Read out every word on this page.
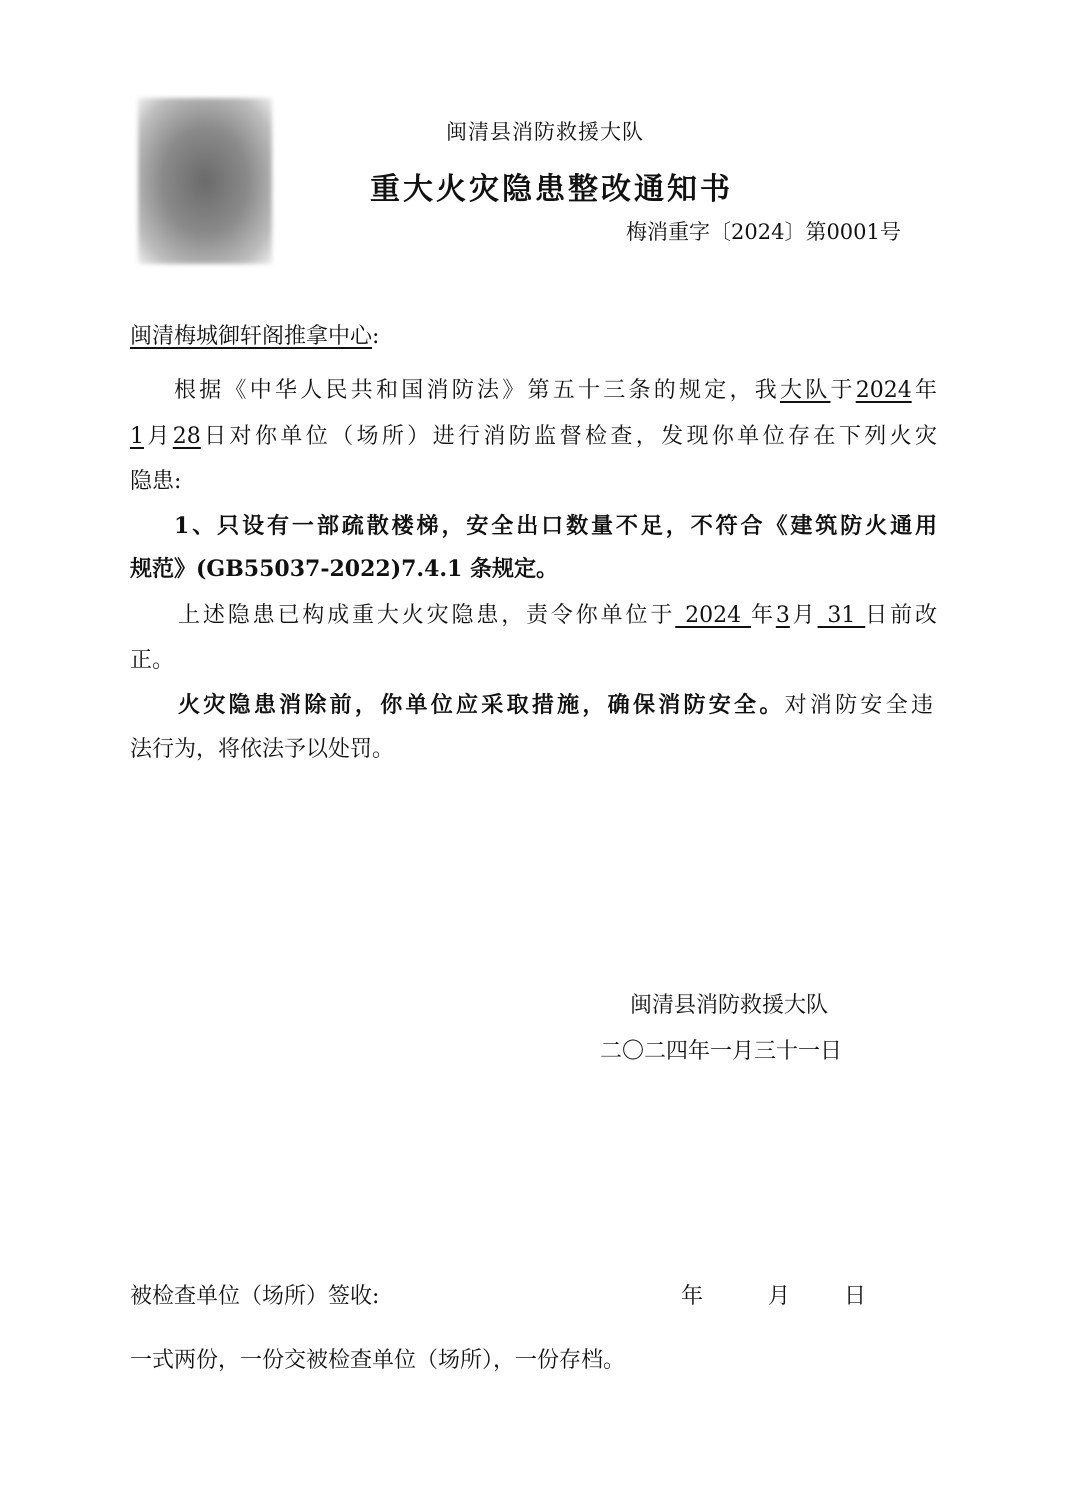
闽清县消防救援大队
重大火灾隐患整改通知书
梅消重字〔2024〕第0001号
闽清梅城御轩阁推拿中心:
根据《中华人民共和国消防法》第五十三条的规定，我大队于2024年
1月28日对你单位（场所）进行消防监督检查，发现你单位存在下列火灾
隐患:
1、只设有一部疏散楼梯，安全出口数量不足，不符合《建筑防火通用
规范》(GB55037-2022)7.4.1 条规定。
上述隐患已构成重大火灾隐患，责令你单位于 2024 年3月 31 日前改
正。
火灾隐患消除前，你单位应采取措施，确保消防安全。对消防安全违
法行为，将依法予以处罚。
闽清县消防救援大队
二〇二四年一月三十一日
被检查单位（场所）签收:	年	月 日
一式两份，一份交被检查单位（场所），一份存档。
